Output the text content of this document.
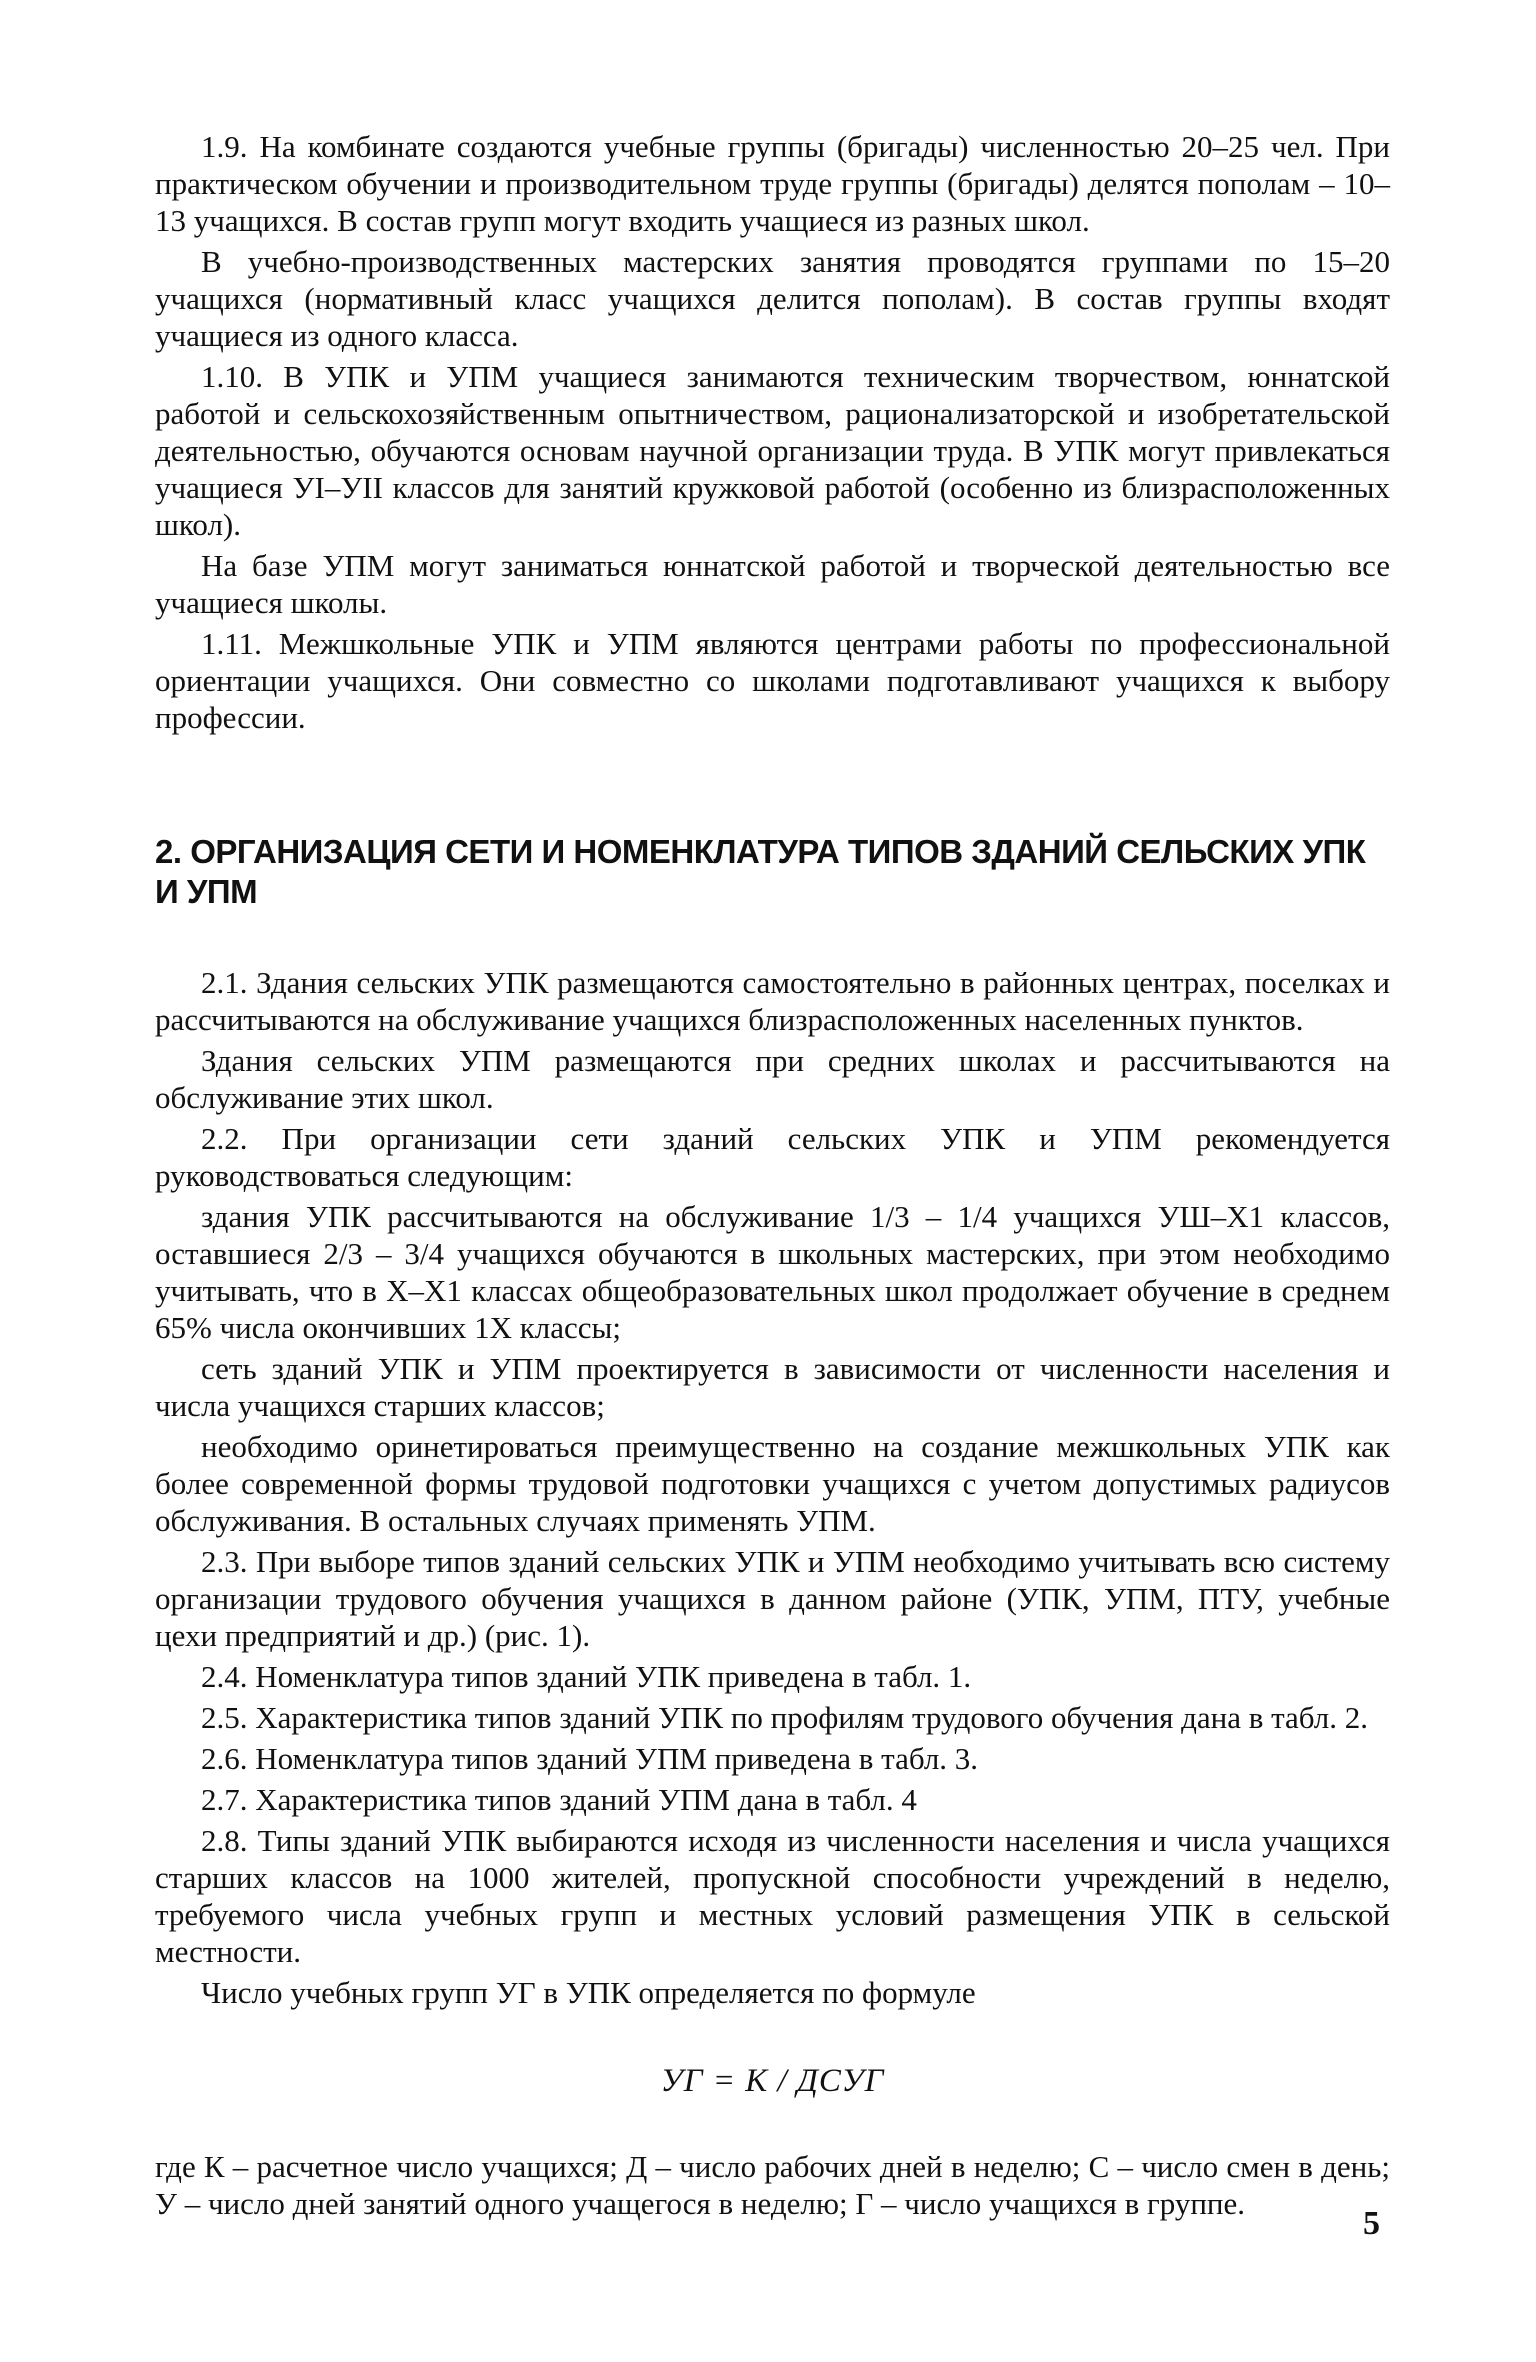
1.9. На комбинате создаются учебные группы (бригады) численностью 20–25 чел. При практическом обучении и производительном труде группы (бригады) делятся пополам – 10–13 учащихся. В состав групп могут входить учащиеся из разных школ.

В учебно-производственных мастерских занятия проводятся группами по 15–20 учащихся (нормативный класс учащихся делится пополам). В состав группы входят учащиеся из одного класса.

1.10. В УПК и УПМ учащиеся занимаются техническим творчеством, юннатской работой и сельскохозяйственным опытничеством, рационализаторской и изобретательской деятельностью, обучаются основам научной организации труда. В УПК могут привлекаться учащиеся УI–УII классов для занятий кружковой работой (особенно из близрасположенных школ).

На базе УПМ могут заниматься юннатской работой и творческой деятельностью все учащиеся школы.

1.11. Межшкольные УПК и УПМ являются центрами работы по профессиональной ориентации учащихся. Они совместно со школами подготавливают учащихся к выбору профессии.

2. ОРГАНИЗАЦИЯ СЕТИ И НОМЕНКЛАТУРА ТИПОВ ЗДАНИЙ СЕЛЬСКИХ УПК И УПМ

2.1. Здания сельских УПК размещаются самостоятельно в районных центрах, поселках и рассчитываются на обслуживание учащихся близрасположенных населенных пунктов.

Здания сельских УПМ размещаются при средних школах и рассчитываются на обслуживание этих школ.

2.2. При организации сети зданий сельских УПК и УПМ рекомендуется руководствоваться следующим:

здания УПК рассчитываются на обслуживание 1/3 – 1/4 учащихся УШ–Х1 классов, оставшиеся 2/3 – 3/4 учащихся обучаются в школьных мастерских, при этом необходимо учитывать, что в Х–Х1 классах общеобразовательных школ продолжает обучение в среднем 65% числа окончивших 1Х классы;

сеть зданий УПК и УПМ проектируется в зависимости от численности населения и числа учащихся старших классов;

необходимо оринетироваться преимущественно на создание межшкольных УПК как более современной формы трудовой подготовки учащихся с учетом допустимых радиусов обслуживания. В остальных случаях применять УПМ.

2.3. При выборе типов зданий сельских УПК и УПМ необходимо учитывать всю систему организации трудового обучения учащихся в данном районе (УПК, УПМ, ПТУ, учебные цехи предприятий и др.) (рис. 1).

2.4. Номенклатура типов зданий УПК приведена в табл. 1.

2.5. Характеристика типов зданий УПК по профилям трудового обучения дана в табл. 2.

2.6. Номенклатура типов зданий УПМ приведена в табл. 3.

2.7. Характеристика типов зданий УПМ дана в табл. 4

2.8. Типы зданий УПК выбираются исходя из численности населения и числа учащихся старших классов на 1000 жителей, пропускной способности учреждений в неделю, требуемого числа учебных групп и местных условий размещения УПК в сельской местности.

Число учебных групп УГ в УПК определяется по формуле

УГ = К / ДСУГ

где К – расчетное число учащихся; Д – число рабочих дней в неделю; С – число смен в день; У – число дней занятий одного учащегося в неделю; Г – число учащихся в группе.

5
